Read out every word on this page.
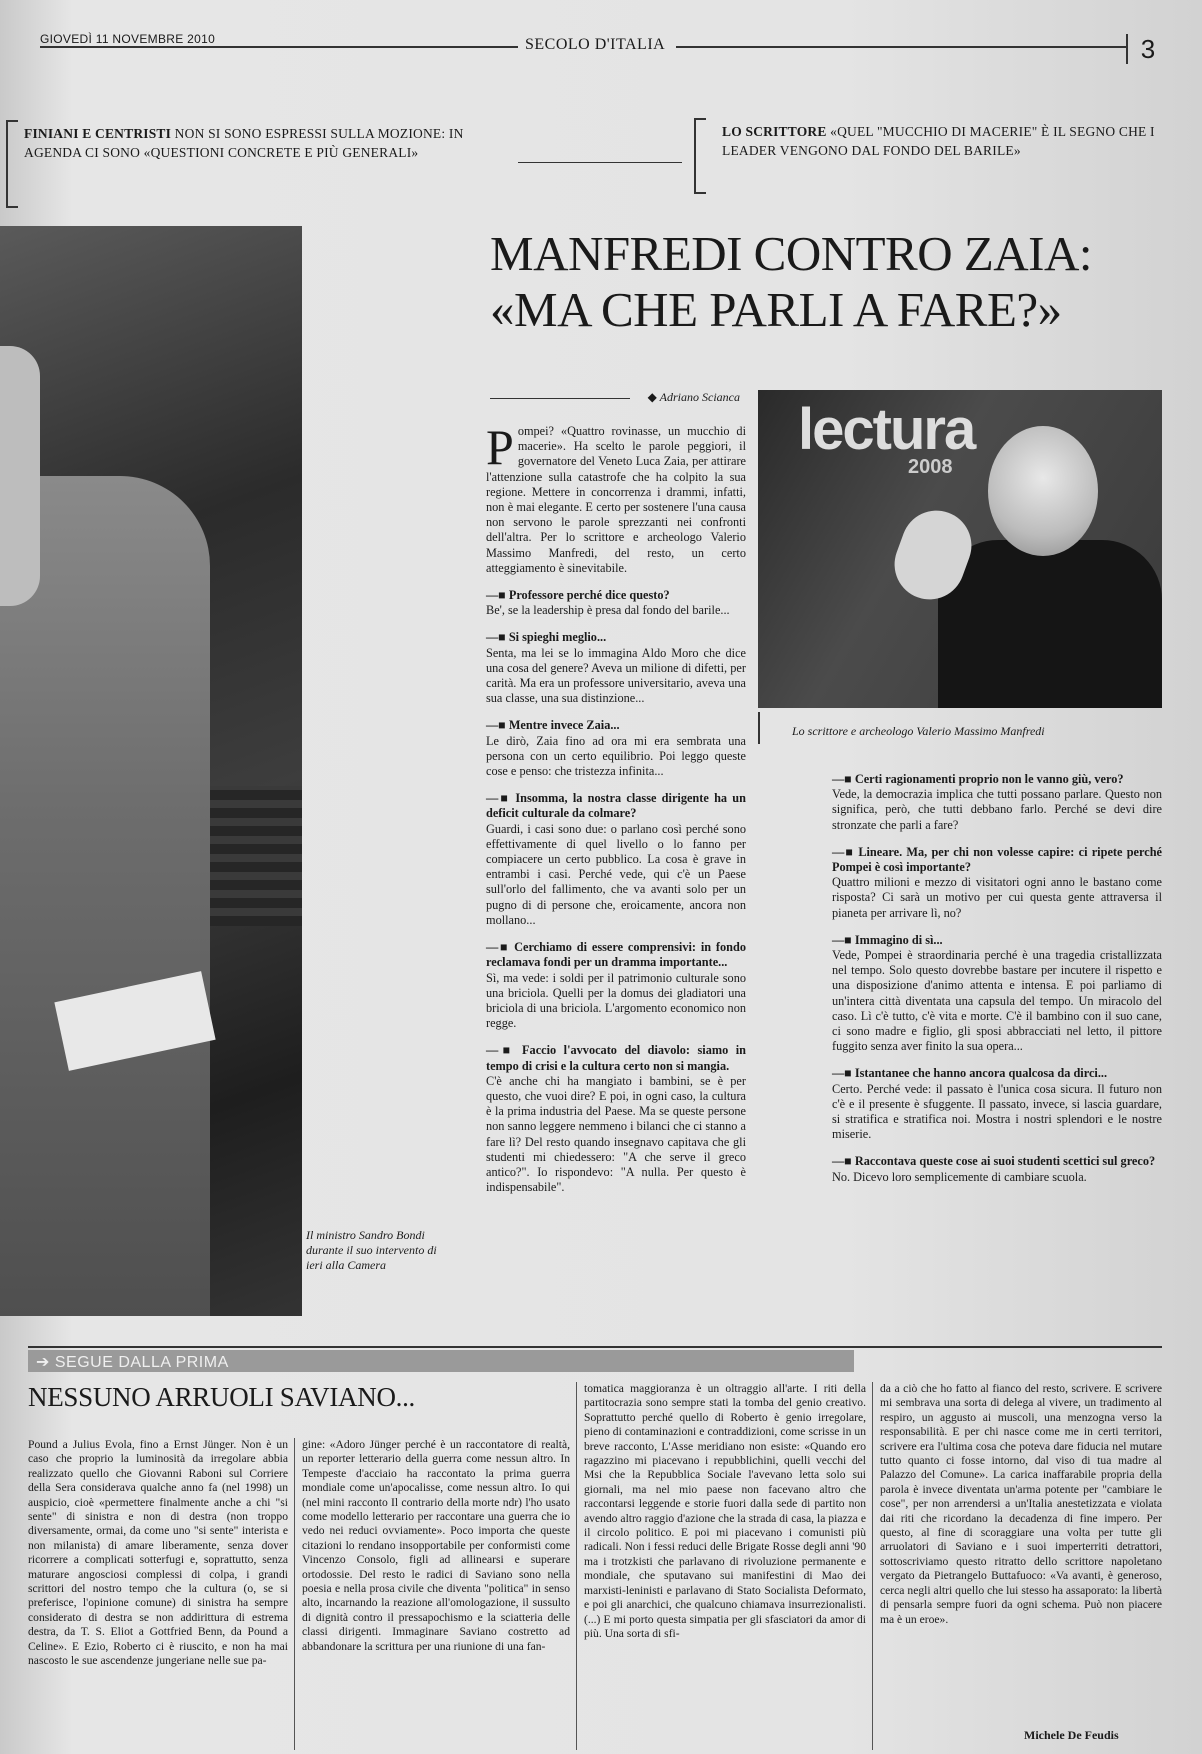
GIOVEDÌ 11 NOVEMBRE 2010	SECOLO D'ITALIA	3
FINIANI E CENTRISTI NON SI SONO ESPRESSI SULLA MOZIONE: IN AGENDA CI SONO «QUESTIONI CONCRETE E PIÙ GENERALI»
LO SCRITTORE «QUEL "MUCCHIO DI MACERIE" È IL SEGNO CHE I LEADER VENGONO DAL FONDO DEL BARILE»
Il ministro Sandro Bondi durante il suo intervento di ieri alla Camera
MANFREDI CONTRO ZAIA:
«MA CHE PARLI A FARE?»
◆ Adriano Scianca lectura
2008
Lo scrittore e archeologo Valerio Massimo Manfredi

Pompei? «Quattro rovinasse, un mucchio di macerie». Ha scelto le parole peggiori, il governatore del Veneto Luca Zaia, per attirare l'attenzione sulla catastrofe che ha colpito la sua regione. Mettere in concorrenza i drammi, infatti, non è mai elegante. E certo per sostenere l'una causa non servono le parole sprezzanti nei confronti dell'altra. Per lo scrittore e archeologo Valerio Massimo Manfredi, del resto, un certo atteggiamento è sinevitabile.

—■ Professore perché dice questo?
Be', se la leadership è presa dal fondo del barile...

—■ Si spieghi meglio...
Senta, ma lei se lo immagina Aldo Moro che dice una cosa del genere? Aveva un milione di difetti, per carità. Ma era un professore universitario, aveva una sua classe, una sua distinzione...

—■ Mentre invece Zaia...
Le dirò, Zaia fino ad ora mi era sembrata una persona con un certo equilibrio. Poi leggo queste cose e penso: che tristezza infinita...

—■ Insomma, la nostra classe dirigente ha un deficit culturale da colmare?
Guardi, i casi sono due: o parlano così perché sono effettivamente di quel livello o lo fanno per compiacere un certo pubblico. La cosa è grave in entrambi i casi. Perché vede, qui c'è un Paese sull'orlo del fallimento, che va avanti solo per un pugno di di persone che, eroicamente, ancora non mollano...

—■ Cerchiamo di essere comprensivi: in fondo reclamava fondi per un dramma importante...
Sì, ma vede: i soldi per il patrimonio culturale sono una briciola. Quelli per la domus dei gladiatori una briciola di una briciola. L'argomento economico non regge.

—■ Faccio l'avvocato del diavolo: siamo in tempo di crisi e la cultura certo non si mangia.
C'è anche chi ha mangiato i bambini, se è per questo, che vuoi dire? E poi, in ogni caso, la cultura è la prima industria del Paese. Ma se queste persone non sanno leggere nemmeno i bilanci che ci stanno a fare lì? Del resto quando insegnavo capitava che gli studenti mi chiedessero: "A che serve il greco antico?". Io rispondevo: "A nulla. Per questo è indispensabile".

—■ Certi ragionamenti proprio non le vanno giù, vero?
Vede, la democrazia implica che tutti possano parlare. Questo non significa, però, che tutti debbano farlo. Perché se devi dire stronzate che parli a fare?

—■ Lineare. Ma, per chi non volesse capire: ci ripete perché Pompei è così importante?
Quattro milioni e mezzo di visitatori ogni anno le bastano come risposta? Ci sarà un motivo per cui questa gente attraversa il pianeta per arrivare lì, no?

—■ Immagino di sì...
Vede, Pompei è straordinaria perché è una tragedia cristallizzata nel tempo. Solo questo dovrebbe bastare per incutere il rispetto e una disposizione d'animo attenta e intensa. E poi parliamo di un'intera città diventata una capsula del tempo. Un miracolo del caso. Lì c'è tutto, c'è vita e morte. C'è il bambino con il suo cane, ci sono madre e figlio, gli sposi abbracciati nel letto, il pittore fuggito senza aver finito la sua opera...

—■ Istantanee che hanno ancora qualcosa da dirci...
Certo. Perché vede: il passato è l'unica cosa sicura. Il futuro non c'è e il presente è sfuggente. Il passato, invece, si lascia guardare, si stratifica e stratifica noi. Mostra i nostri splendori e le nostre miserie.

—■ Raccontava queste cose ai suoi studenti scettici sul greco?
No. Dicevo loro semplicemente di cambiare scuola.

➔ SEGUE DALLA PRIMA
NESSUNO ARRUOLI SAVIANO...

Pound a Julius Evola, fino a Ernst Jünger. Non è un caso che proprio la luminosità da irregolare abbia realizzato quello che Giovanni Raboni sul Corriere della Sera considerava qualche anno fa (nel 1998) un auspicio, cioè «permettere finalmente anche a chi "si sente" di sinistra e non di destra (non troppo diversamente, ormai, da come uno "si sente" interista e non milanista) di amare liberamente, senza dover ricorrere a complicati sotterfugi e, soprattutto, senza maturare angosciosi complessi di colpa, i grandi scrittori del nostro tempo che la cultura (o, se si preferisce, l'opinione comune) di sinistra ha sempre considerato di destra se non addirittura di estrema destra, da T. S. Eliot a Gottfried Benn, da Pound a Celine». E Ezio, Roberto ci è riuscito, e non ha mai nascosto le sue ascendenze jungeriane nelle sue pa-

gine: «Adoro Jünger perché è un raccontatore di realtà, un reporter letterario della guerra come nessun altro. In Tempeste d'acciaio ha raccontato la prima guerra mondiale come un'apocalisse, come nessun altro. Io qui (nel mini racconto Il contrario della morte ndr) l'ho usato come modello letterario per raccontare una guerra che io vedo nei reduci ovviamente». Poco importa che queste citazioni lo rendano insopportabile per conformisti come Vincenzo Consolo, figli ad allinearsi e superare ortodossie. Del resto le radici di Saviano sono nella poesia e nella prosa civile che diventa "politica" in senso alto, incarnando la reazione all'omologazione, il sussulto di dignità contro il pressapochismo e la sciatteria delle classi dirigenti. Immaginare Saviano costretto ad abbandonare la scrittura per una riunione di una fan-

tomatica maggioranza è un oltraggio all'arte. I riti della partitocrazia sono sempre stati la tomba del genio creativo. Soprattutto perché quello di Roberto è genio irregolare, pieno di contaminazioni e contraddizioni, come scrisse in un breve racconto, L'Asse meridiano non esiste: «Quando ero ragazzino mi piacevano i repubblichini, quelli vecchi del Msi che la Repubblica Sociale l'avevano letta solo sui giornali, ma nel mio paese non facevano altro che raccontarsi leggende e storie fuori dalla sede di partito non avendo altro raggio d'azione che la strada di casa, la piazza e il circolo politico. E poi mi piacevano i comunisti più radicali. Non i fessi reduci delle Brigate Rosse degli anni '90 ma i trotzkisti che parlavano di rivoluzione permanente e mondiale, che sputavano sui manifestini di Mao dei marxisti-leninisti e parlavano di Stato Socialista Deformato, e poi gli anarchici, che qualcuno chiamava insurrezionalisti. (...) E mi porto questa simpatia per gli sfasciatori da amor di più. Una sorta di sfi-

da a ciò che ho fatto al fianco del resto, scrivere. E scrivere mi sembrava una sorta di delega al vivere, un tradimento al respiro, un aggusto ai muscoli, una menzogna verso la responsabilità. E per chi nasce come me in certi territori, scrivere era l'ultima cosa che poteva dare fiducia nel mutare tutto quanto ci fosse intorno, dal viso di tua madre al Palazzo del Comune». La carica inaffarabile propria della parola è invece diventata un'arma potente per "cambiare le cose", per non arrendersi a un'Italia anestetizzata e violata dai riti che ricordano la decadenza di fine impero. Per questo, al fine di scoraggiare una volta per tutte gli arruolatori di Saviano e i suoi imperterriti detrattori, sottoscriviamo questo ritratto dello scrittore napoletano vergato da Pietrangelo Buttafuoco: «Va avanti, è generoso, cerca negli altri quello che lui stesso ha assaporato: la libertà di pensarla sempre fuori da ogni schema. Può non piacere ma è un eroe».

Michele De Feudis
